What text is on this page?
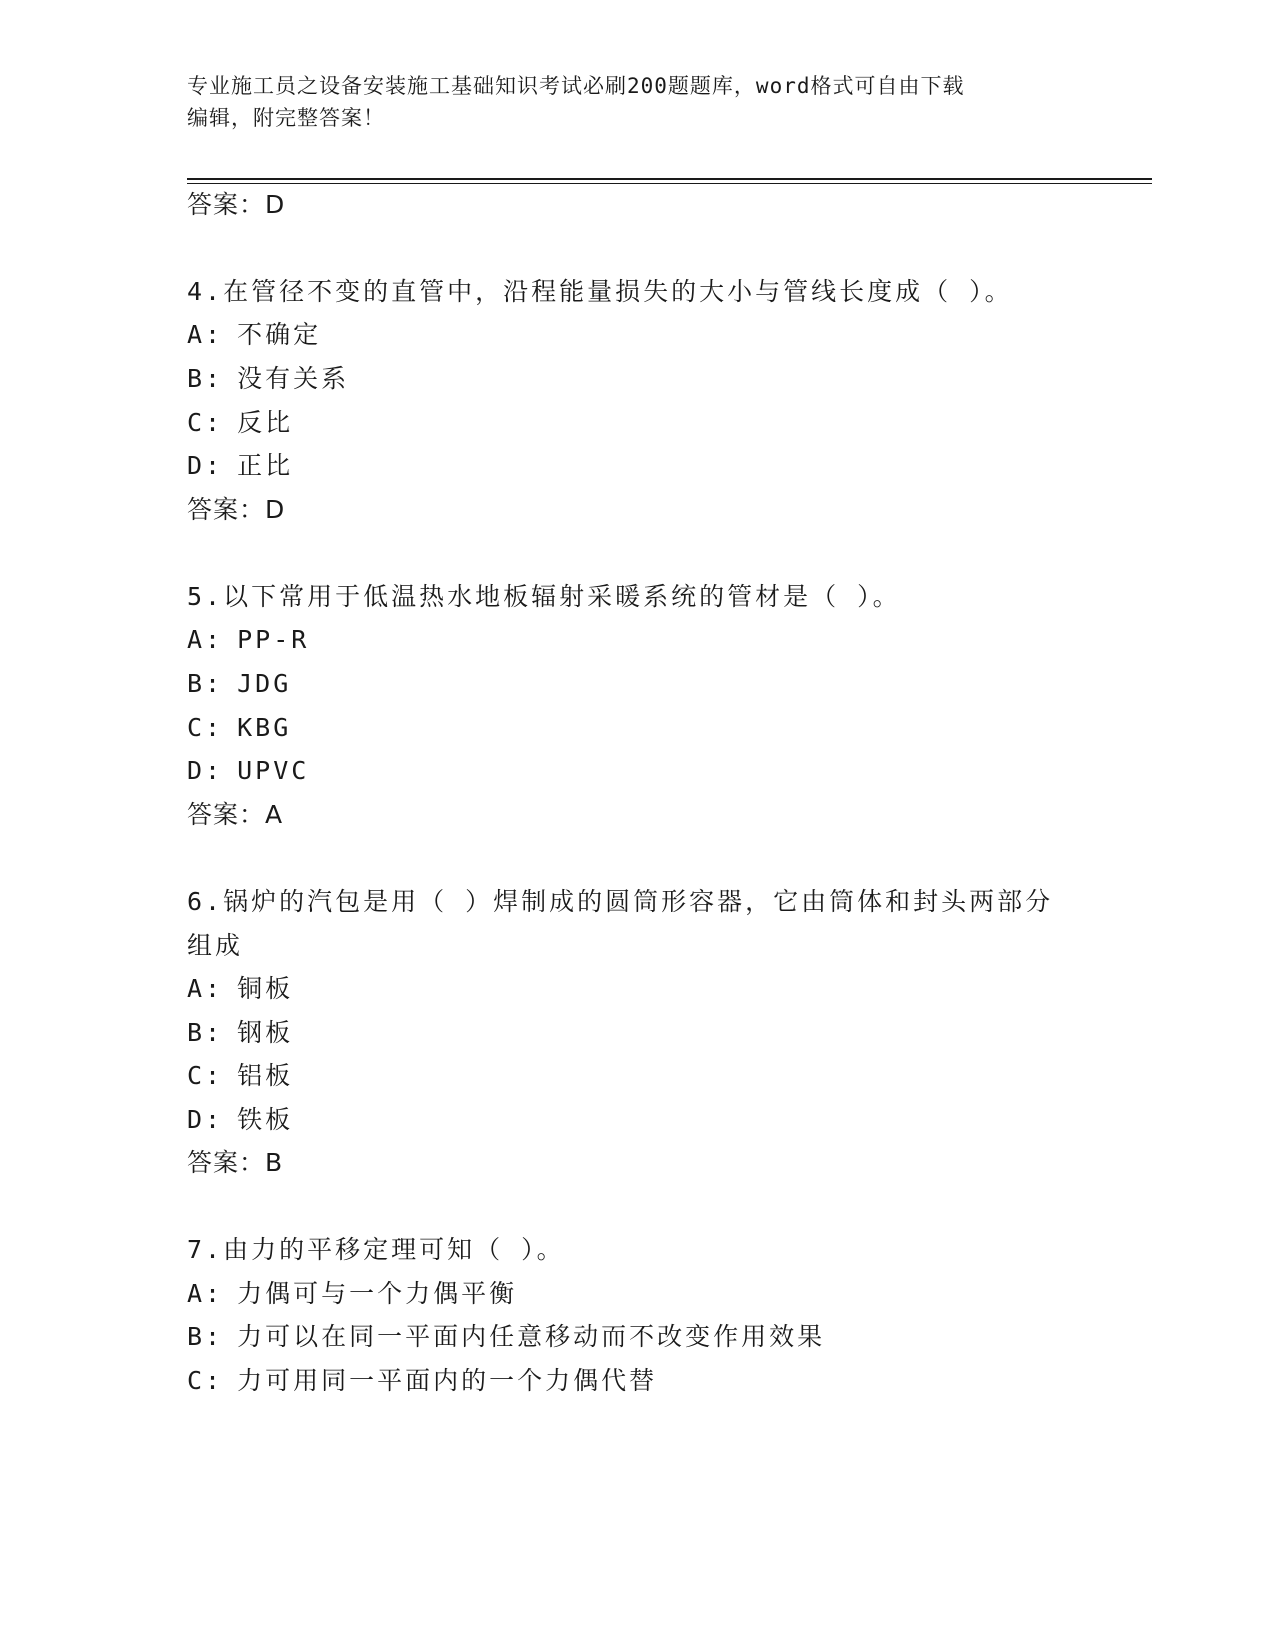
专业施工员之设备安装施工基础知识考试必刷200题题库，word格式可自由下载
编辑，附完整答案！
答案：D
4.在管径不变的直管中，沿程能量损失的大小与管线长度成（ ）。
A: 不确定
B: 没有关系
C: 反比
D: 正比
答案：D
5.以下常用于低温热水地板辐射采暖系统的管材是（ ）。
A: PP-R
B: JDG
C: KBG
D: UPVC
答案：A
6.锅炉的汽包是用（ ）焊制成的圆筒形容器，它由筒体和封头两部分
组成
A: 铜板
B: 钢板
C: 铝板
D: 铁板
答案：B
7.由力的平移定理可知（ ）。
A: 力偶可与一个力偶平衡
B: 力可以在同一平面内任意移动而不改变作用效果
C: 力可用同一平面内的一个力偶代替
